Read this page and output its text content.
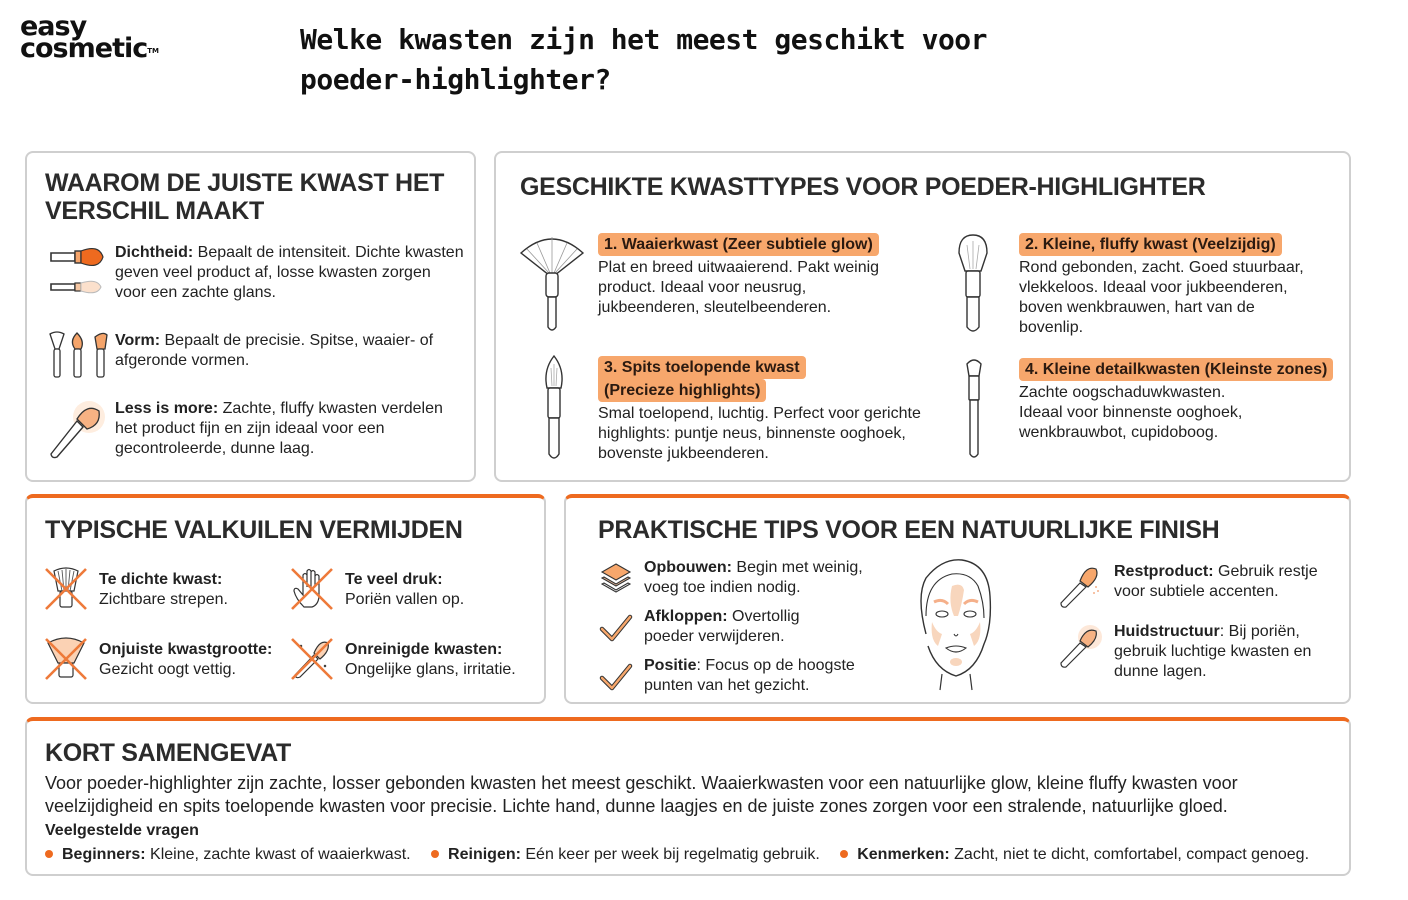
easy
cosmetic™	Welke kwasten zijn het meest geschikt voor poeder-highlighter?
WAAROM DE JUISTE KWAST HET VERSCHIL MAAKT
Dichtheid: Bepaalt de intensiteit. Dichte kwasten geven veel product af, losse kwasten zorgen voor een zachte glans.
Vorm: Bepaalt de precisie. Spitse, waaier- of afgeronde vormen.
Less is more: Zachte, fluffy kwasten verdelen het product fijn en zijn ideaal voor een gecontroleerde, dunne laag.
GESCHIKTE KWASTTYPES VOOR POEDER-HIGHLIGHTER
1. Waaierkwast (Zeer subtiele glow)
Plat en breed uitwaaierend. Pakt weinig product. Ideaal voor neusrug, jukbeenderen, sleutelbeenderen.
2. Kleine, fluffy kwast (Veelzijdig)
Rond gebonden, zacht. Goed stuurbaar, vlekkeloos. Ideaal voor jukbeenderen, boven wenkbrauwen, hart van de bovenlip.
3. Spits toelopende kwast
(Precieze highlights)
Smal toelopend, luchtig. Perfect voor gerichte highlights: puntje neus, binnenste ooghoek, bovenste jukbeenderen.
4. Kleine detailkwasten (Kleinste zones)
Zachte oogschaduwkwasten. Ideaal voor binnenste ooghoek, wenkbrauwbot, cupidoboog.
TYPISCHE VALKUILEN VERMIJDEN
Te dichte kwast:
Zichtbare strepen.
Te veel druk:
Poriën vallen op.
Onjuiste kwastgrootte:
Gezicht oogt vettig.
Onreinigde kwasten:
Ongelijke glans, irritatie.
PRAKTISCHE TIPS VOOR EEN NATUURLIJKE FINISH
Opbouwen: Begin met weinig, voeg toe indien nodig.
Afkloppen: Overtollig poeder verwijderen.
Positie: Focus op de hoogste punten van het gezicht.
Restproduct: Gebruik restje voor subtiele accenten.
Huidstructuur: Bij poriën, gebruik luchtige kwasten en dunne lagen.
KORT SAMENGEVAT

Voor poeder-highlighter zijn zachte, losser gebonden kwasten het meest geschikt. Waaierkwasten voor een natuurlijke glow, kleine fluffy kwasten voor veelzijdigheid en spits toelopende kwasten voor precisie. Lichte hand, dunne laagjes en de juiste zones zorgen voor een stralende, natuurlijke gloed.

Veelgestelde vragen
Beginners: Kleine, zachte kwast of waaierkwast. Reinigen: Eén keer per week bij regelmatig gebruik. Kenmerken: Zacht, niet te dicht, comfortabel, compact genoeg.
